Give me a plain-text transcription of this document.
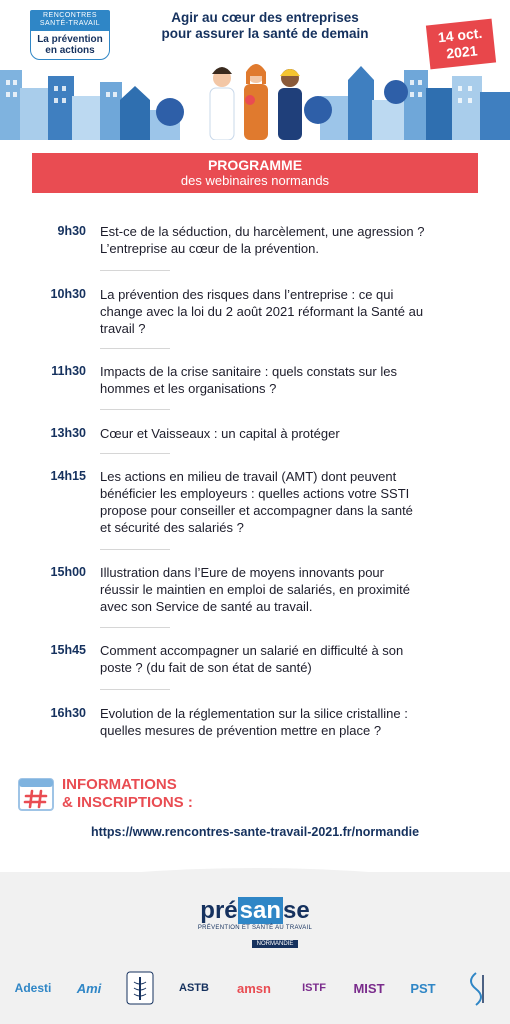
RENCONTRES SANTÉ-TRAVAIL
La prévention en actions
Agir au cœur des entreprises
pour assurer la santé de demain	14 oct.
2021
PROGRAMME
des webinaires normands
9h30 Est-ce de la séduction, du harcèlement, une agression ?
L’entreprise au cœur de la prévention.
10h30 La prévention des risques dans l’entreprise : ce qui
change avec la loi du 2 août 2021 réformant la Santé au
travail ?
11h30 Impacts de la crise sanitaire : quels constats sur les
hommes et les organisations ?
13h30 Cœur et Vaisseaux : un capital à protéger
14h15 Les actions en milieu de travail (AMT) dont peuvent
bénéficier les employeurs : quelles actions votre SSTI
propose pour conseiller et accompagner dans la santé
et sécurité des salariés ?
15h00 Illustration dans l’Eure de moyens innovants pour
réussir le maintien en emploi de salariés, en proximité
avec son Service de santé au travail.
15h45 Comment accompagner un salarié en difficulté à son
poste ? (du fait de son état de santé)
16h30 Evolution de la réglementation sur la silice cristalline :
quelles mesures de prévention mettre en place ?
INFORMATIONS
& INSCRIPTIONS :
https://www.rencontres-sante-travail-2021.fr/normandie
présanse
PRÉVENTION ET SANTÉ AU TRAVAIL
NORMANDIE
Adesti	Ami	ASTB	amsn	ISTF	MIST	PST
